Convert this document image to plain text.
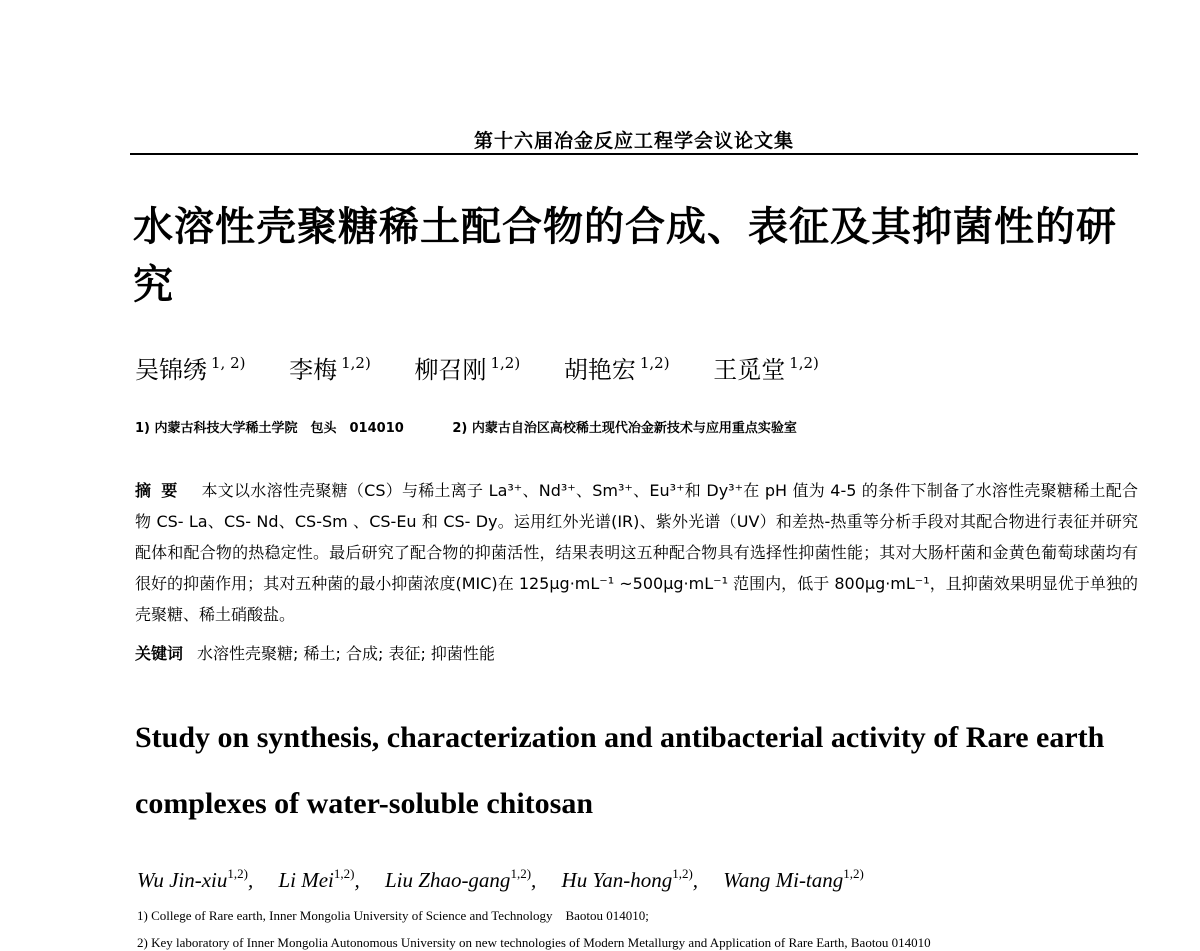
第十六届冶金反应工程学会议论文集
水溶性壳聚糖稀土配合物的合成、表征及其抑菌性的研究
吴锦绣 $^{1, 2)}$ 李梅 $^{1,2)}$ 柳召刚 $^{1,2)}$ 胡艳宏 $^{1,2)}$ 王觅堂 $^{1,2)}$
1) 内蒙古科技大学稀土学院　包头　014010	2) 内蒙古自治区高校稀土现代冶金新技术与应用重点实验室
摘要 本文以水溶性壳聚糖（CS）与稀土离子 La³⁺、Nd³⁺、Sm³⁺、Eu³⁺和 Dy³⁺在 pH 值为 4-5 的条件下制备了水溶性壳聚糖稀土配合物 CS- La、CS- Nd、CS-Sm 、CS-Eu 和 CS- Dy。运用红外光谱(IR)、紫外光谱（UV）和差热-热重等分析手段对其配合物进行表征并研究配体和配合物的热稳定性。最后研究了配合物的抑菌活性，结果表明这五种配合物具有选择性抑菌性能；其对大肠杆菌和金黄色葡萄球菌均有很好的抑菌作用；其对五种菌的最小抑菌浓度(MIC)在 125μg·mL⁻¹ ~500μg·mL⁻¹ 范围内，低于 800μg·mL⁻¹，且抑菌效果明显优于单独的壳聚糖、稀土硝酸盐。
关键词 水溶性壳聚糖; 稀土; 合成; 表征; 抑菌性能
Study on synthesis, characterization and antibacterial activity of Rare earth complexes of water-soluble chitosan
Wu Jin-xiu$^{1,2)}$, Li Mei$^{1,2)}$, Liu Zhao-gang$^{1,2)}$, Hu Yan-hong$^{1,2)}$, Wang Mi-tang$^{1,2)}$
1) College of Rare earth, Inner Mongolia University of Science and Technology　Baotou 014010;
2) Key laboratory of Inner Mongolia Autonomous University on new technologies of Modern Metallurgy and Application of Rare Earth, Baotou 014010
